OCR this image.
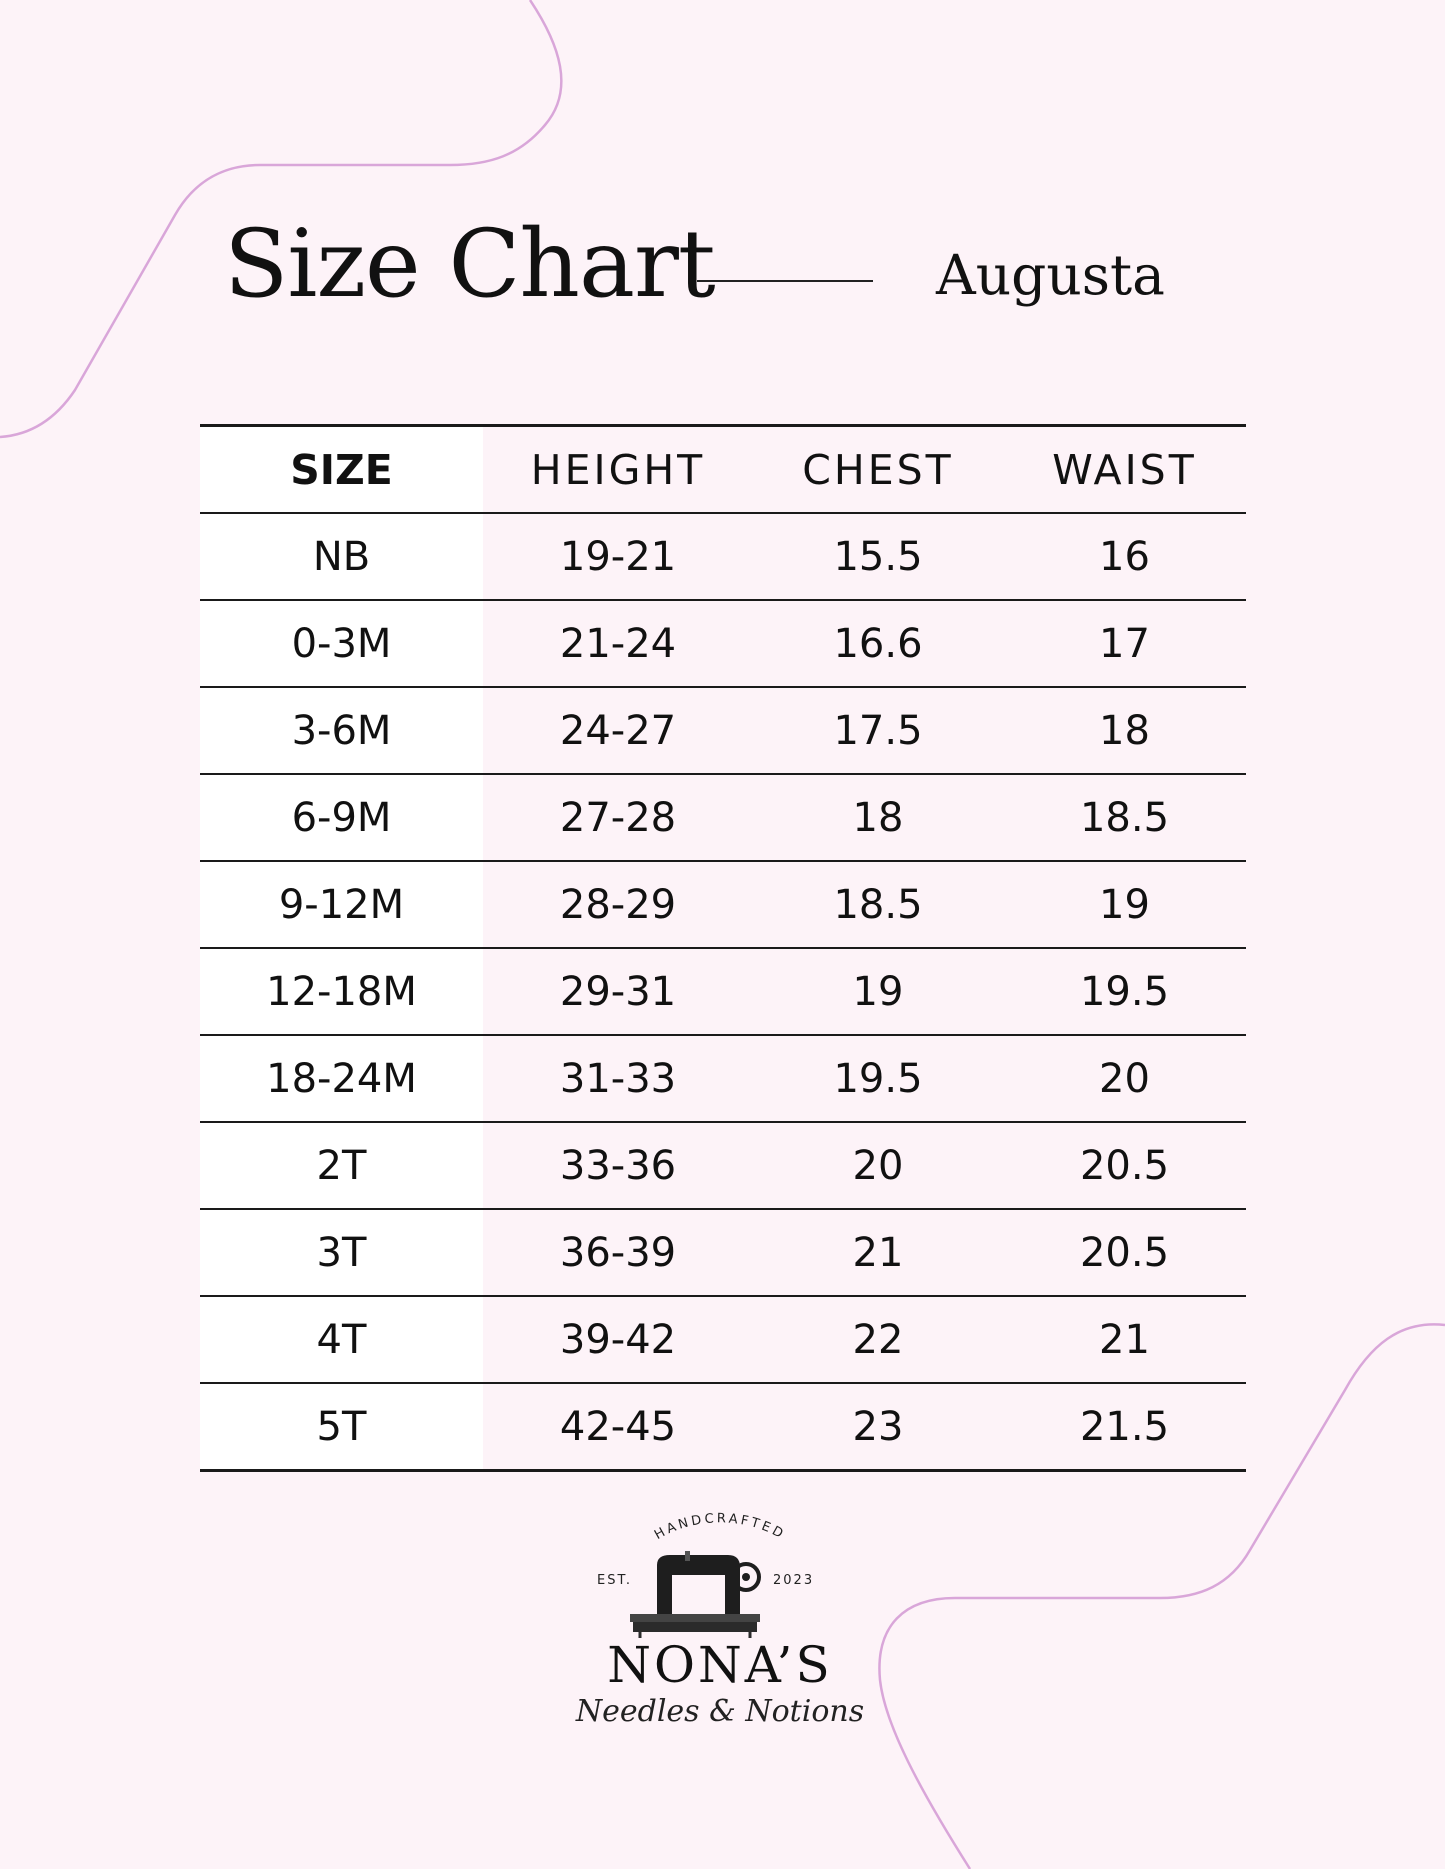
Size Chart	Augusta
SIZE	HEIGHT	CHEST	WAIST
NB	19-21	15.5	16
0-3M	21-24	16.6	17
3-6M	24-27	17.5	18
6-9M	27-28	18	18.5
9-12M	28-29	18.5	19
12-18M	29-31	19	19.5
18-24M	31-33	19.5	20
2T	33-36	20	20.5
3T	36-39	21	20.5
4T	39-42	22	21
5T	42-45	23	21.5
HANDCRAFTED
EST.	2023
NONA’S
Needles & Notions
